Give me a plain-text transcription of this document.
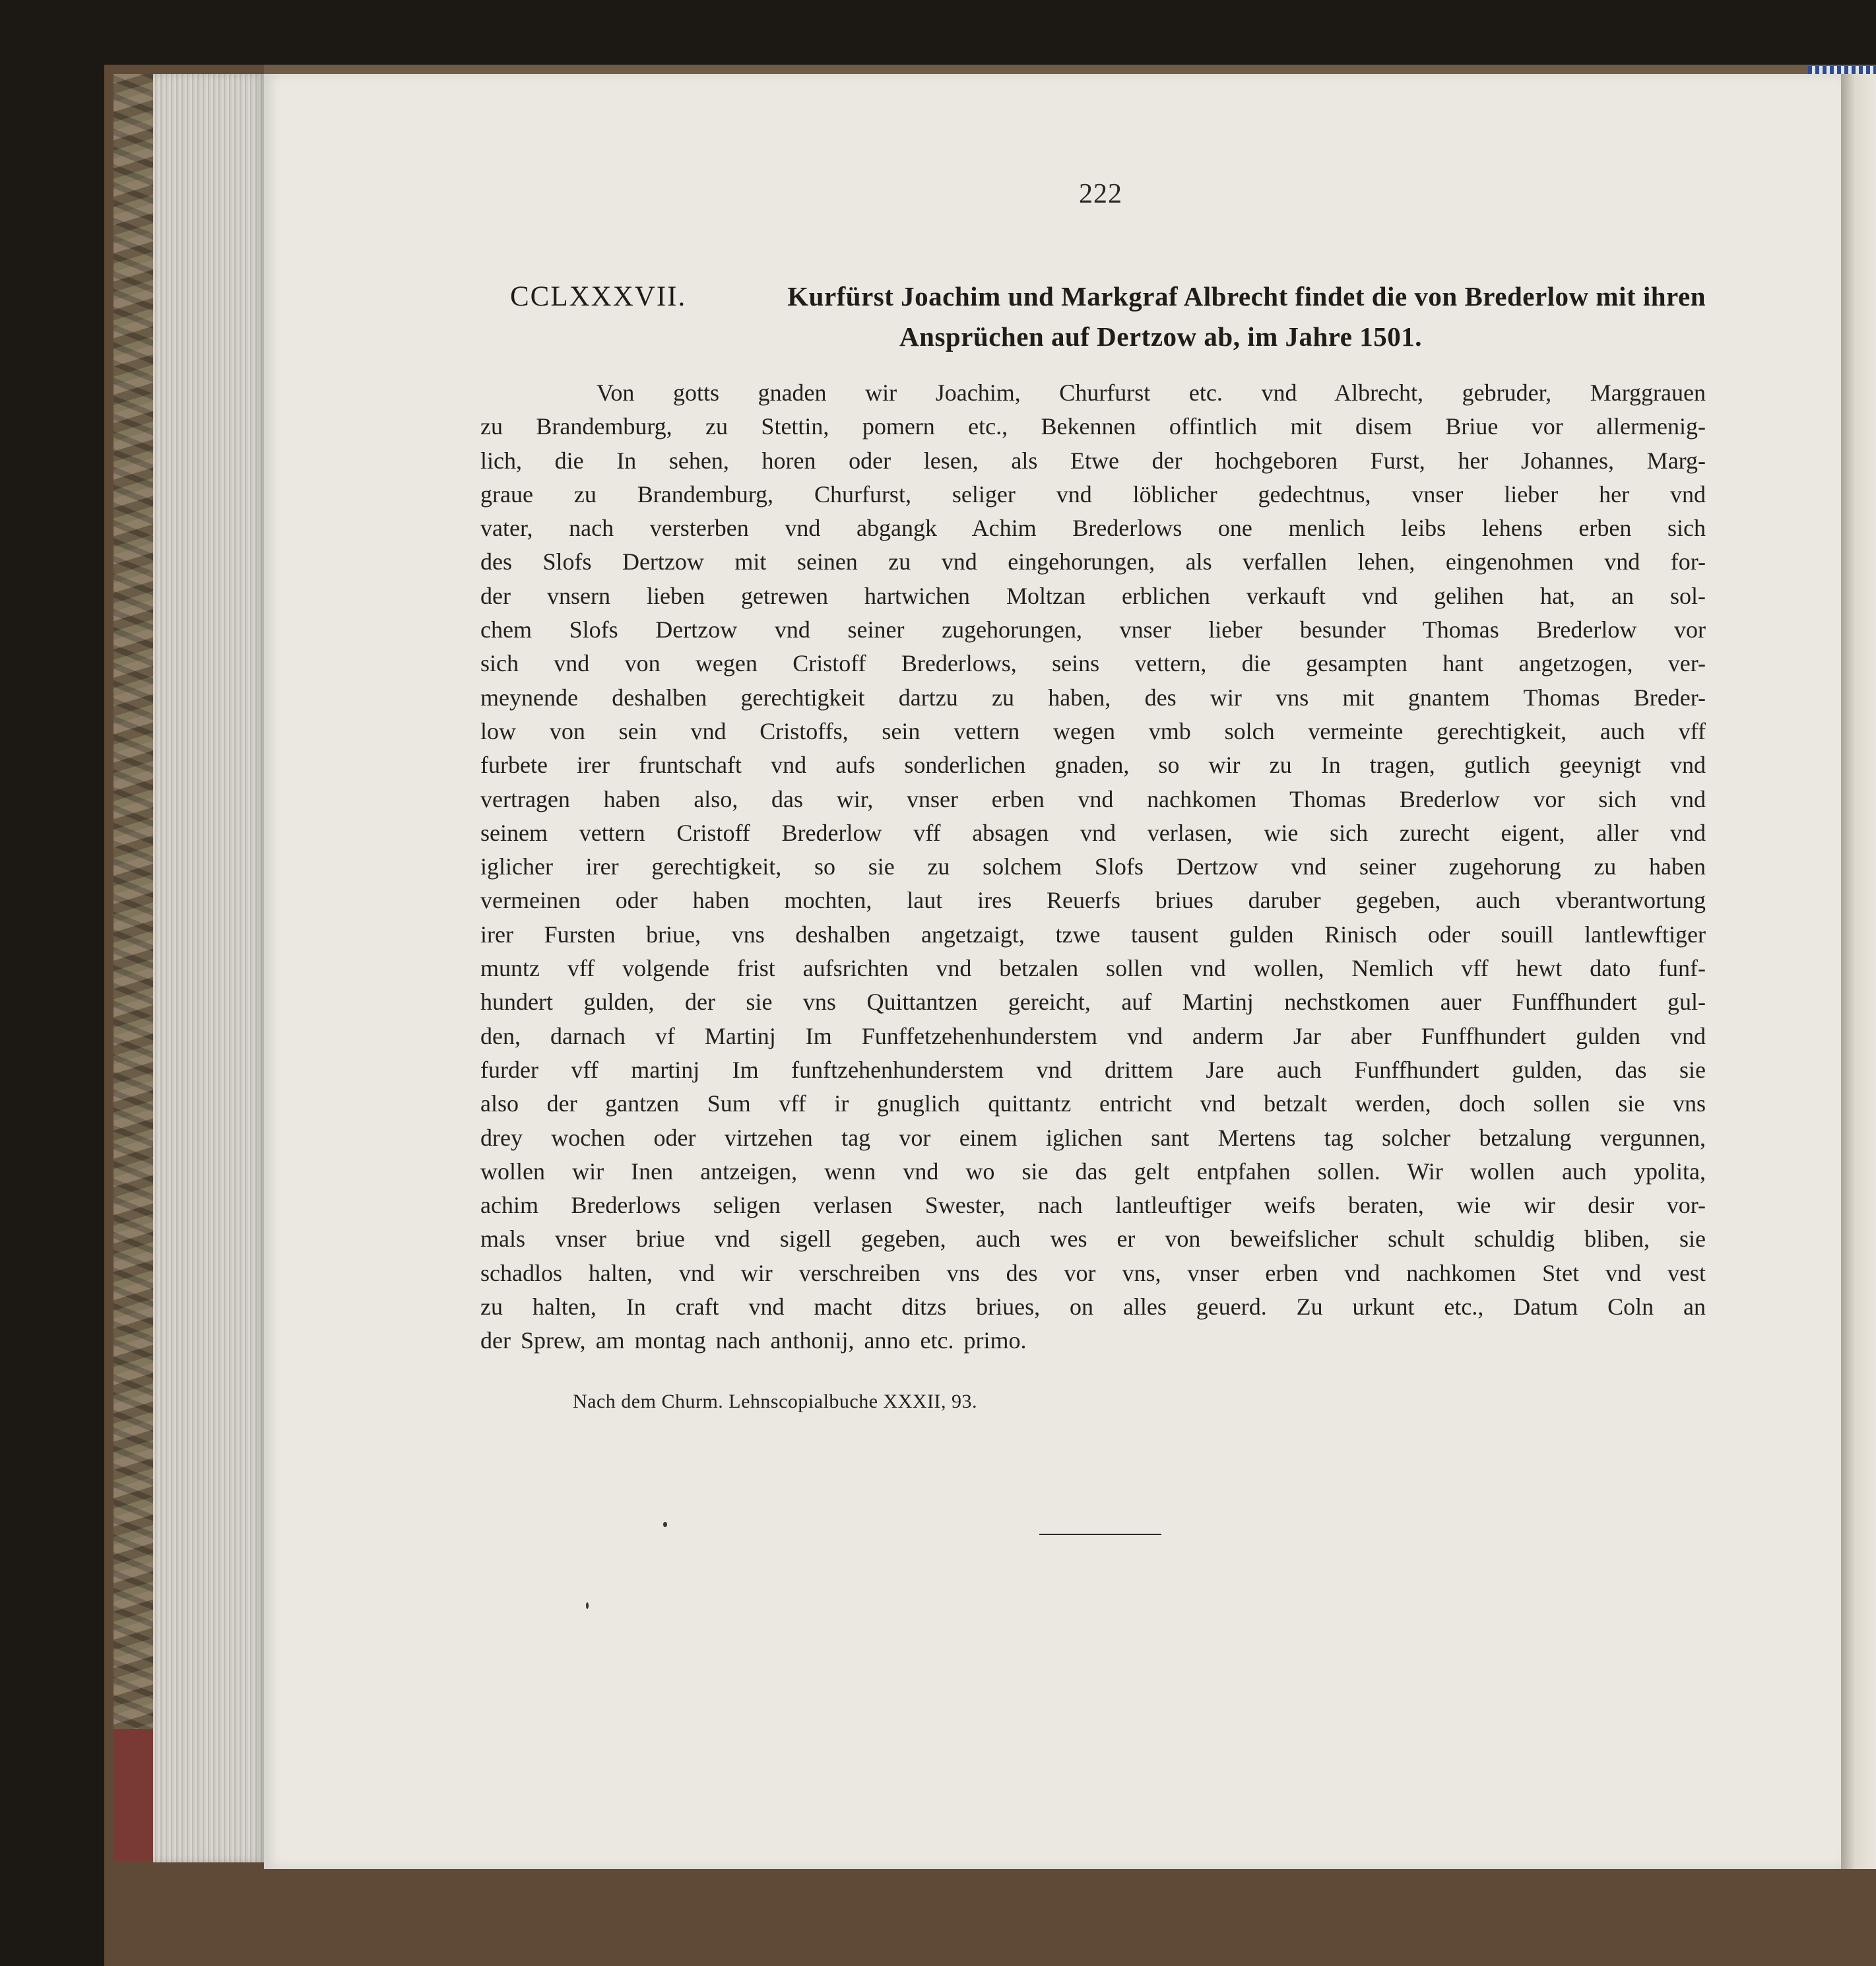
222
CCLXXXVII.	Kurfürst Joachim und Markgraf Albrecht findet die von Brederlow mit ihren
Ansprüchen auf Dertzow ab, im Jahre 1501.
Von gotts gnaden wir Joachim, Churfurst etc. vnd Albrecht, gebruder, Marggrauen
zu Brandemburg, zu Stettin, pomern etc., Bekennen offintlich mit disem Briue vor allermenig-
lich, die In sehen, horen oder lesen, als Etwe der hochgeboren Furst, her Johannes, Marg-
graue zu Brandemburg, Churfurst, seliger vnd löblicher gedechtnus, vnser lieber her vnd
vater, nach versterben vnd abgangk Achim Brederlows one menlich leibs lehens erben sich
des Slofs Dertzow mit seinen zu vnd eingehorungen, als verfallen lehen, eingenohmen vnd for-
der vnsern lieben getrewen hartwichen Moltzan erblichen verkauft vnd gelihen hat, an sol-
chem Slofs Dertzow vnd seiner zugehorungen, vnser lieber besunder Thomas Brederlow vor
sich vnd von wegen Cristoff Brederlows, seins vettern, die gesampten hant angetzogen, ver-
meynende deshalben gerechtigkeit dartzu zu haben, des wir vns mit gnantem Thomas Breder-
low von sein vnd Cristoffs, sein vettern wegen vmb solch vermeinte gerechtigkeit, auch vff
furbete irer fruntschaft vnd aufs sonderlichen gnaden, so wir zu In tragen, gutlich geeynigt vnd
vertragen haben also, das wir, vnser erben vnd nachkomen Thomas Brederlow vor sich vnd
seinem vettern Cristoff Brederlow vff absagen vnd verlasen, wie sich zurecht eigent, aller vnd
iglicher irer gerechtigkeit, so sie zu solchem Slofs Dertzow vnd seiner zugehorung zu haben
vermeinen oder haben mochten, laut ires Reuerfs briues daruber gegeben, auch vberantwortung
irer Fursten briue, vns deshalben angetzaigt, tzwe tausent gulden Rinisch oder souill lantlewftiger
muntz vff volgende frist aufsrichten vnd betzalen sollen vnd wollen, Nemlich vff hewt dato funf-
hundert gulden, der sie vns Quittantzen gereicht, auf Martinj nechstkomen auer Funffhundert gul-
den, darnach vf Martinj Im Funffetzehenhunderstem vnd anderm Jar aber Funffhundert gulden vnd
furder vff martinj Im funftzehenhunderstem vnd drittem Jare auch Funffhundert gulden, das sie
also der gantzen Sum vff ir gnuglich quittantz entricht vnd betzalt werden, doch sollen sie vns
drey wochen oder virtzehen tag vor einem iglichen sant Mertens tag solcher betzalung vergunnen,
wollen wir Inen antzeigen, wenn vnd wo sie das gelt entpfahen sollen. Wir wollen auch ypolita,
achim Brederlows seligen verlasen Swester, nach lantleuftiger weifs beraten, wie wir desir vor-
mals vnser briue vnd sigell gegeben, auch wes er von beweifslicher schult schuldig bliben, sie
schadlos halten, vnd wir verschreiben vns des vor vns, vnser erben vnd nachkomen Stet vnd vest
zu halten, In craft vnd macht ditzs briues, on alles geuerd. Zu urkunt etc., Datum Coln an
der Sprew, am montag nach anthonij, anno etc. primo.
Nach dem Churm. Lehnscopialbuche XXXII, 93.
